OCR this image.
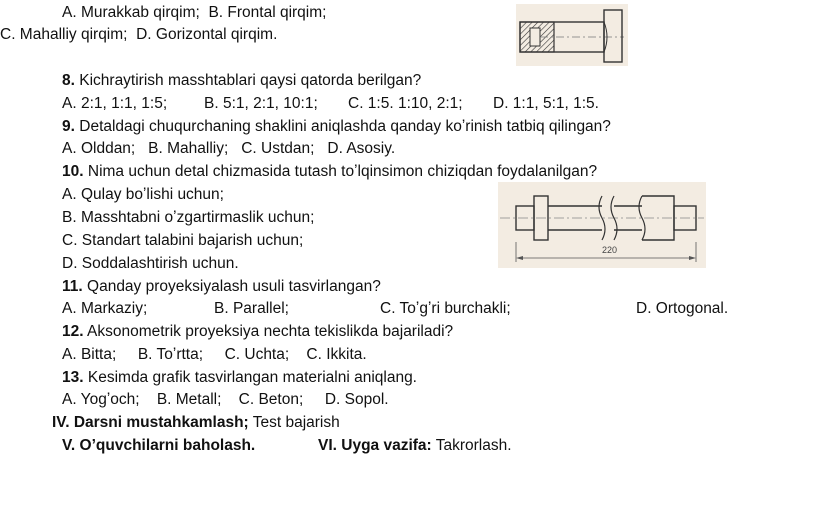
A. Murakkab qirqim; B. Frontal qirqim;
C. Mahalliy qirqim; D. Gorizontal qirqim.
8. Kichraytirish masshtablari qaysi qatorda berilgan?
A. 2:1, 1:1, 1:5; B. 5:1, 2:1, 10:1; C. 1:5. 1:10, 2:1; D. 1:1, 5:1, 1:5.
9. Detaldagi chuqurchaning shaklini aniqlashda qanday koʼrinish tatbiq qilingan?
A. Olddan; B. Mahalliy; C. Ustdan; D. Asosiy.
10. Nima uchun detal chizmasida tutash toʼlqinsimon chiziqdan foydalanilgan?
A. Qulay boʼlishi uchun;
B. Masshtabni oʼzgartirmaslik uchun;
C. Standart talabini bajarish uchun;
D. Soddalashtirish uchun.
220
11. Qanday proyeksiyalash usuli tasvirlangan?
A. Markaziy;	B. Parallel;	C. Toʼgʼri burchakli;	D. Ortogonal.
12. Aksonometrik proyeksiya nechta tekislikda bajariladi?
A. Bitta; B. Toʼrtta; C. Uchta; C. Ikkita.
13. Kesimda grafik tasvirlangan materialni aniqlang.
A. Yogʼoch; B. Metall; C. Beton; D. Sopol.
IV. Darsni mustahkamlash; Test bajarish
V. Oʼquvchilarni baholash.	VI. Uyga vazifa: Takrorlash.
